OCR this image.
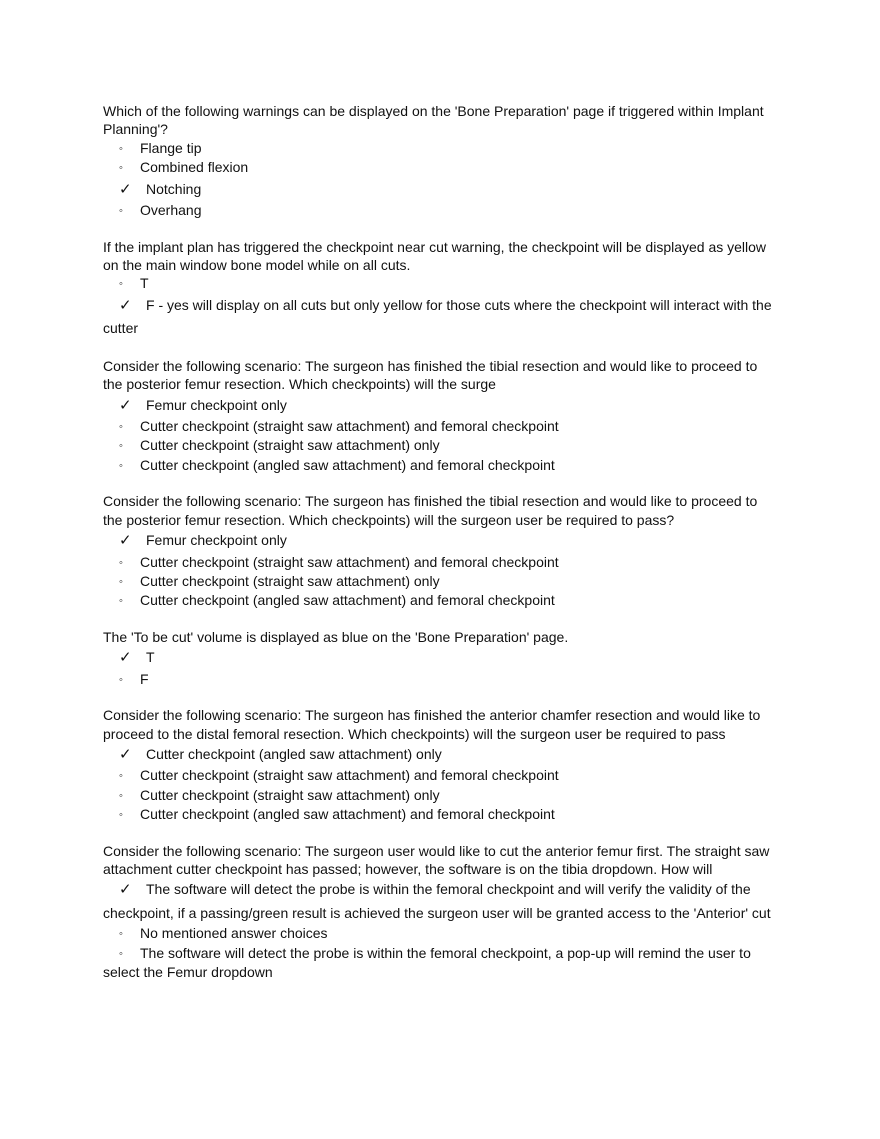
Which of the following warnings can be displayed on the 'Bone Preparation' page if triggered within Implant Planning'?
◦ Flange tip
◦ Combined flexion
✓ Notching
◦ Overhang
If the implant plan has triggered the checkpoint near cut warning, the checkpoint will be displayed as yellow on the main window bone model while on all cuts.
◦ T
✓ F - yes will display on all cuts but only yellow for those cuts where the checkpoint will interact with the cutter
Consider the following scenario: The surgeon has finished the tibial resection and would like to proceed to the posterior femur resection. Which checkpoints) will the surge
✓ Femur checkpoint only
◦ Cutter checkpoint (straight saw attachment) and femoral checkpoint
◦ Cutter checkpoint (straight saw attachment) only
◦ Cutter checkpoint (angled saw attachment) and femoral checkpoint
Consider the following scenario: The surgeon has finished the tibial resection and would like to proceed to the posterior femur resection. Which checkpoints) will the surgeon user be required to pass?
✓ Femur checkpoint only
◦ Cutter checkpoint (straight saw attachment) and femoral checkpoint
◦ Cutter checkpoint (straight saw attachment) only
◦ Cutter checkpoint (angled saw attachment) and femoral checkpoint
The 'To be cut' volume is displayed as blue on the 'Bone Preparation' page.
✓ T
◦ F
Consider the following scenario: The surgeon has finished the anterior chamfer resection and would like to proceed to the distal femoral resection. Which checkpoints) will the surgeon user be required to pass
✓ Cutter checkpoint (angled saw attachment) only
◦ Cutter checkpoint (straight saw attachment) and femoral checkpoint
◦ Cutter checkpoint (straight saw attachment) only
◦ Cutter checkpoint (angled saw attachment) and femoral checkpoint
Consider the following scenario: The surgeon user would like to cut the anterior femur first. The straight saw attachment cutter checkpoint has passed; however, the software is on the tibia dropdown. How will
✓ The software will detect the probe is within the femoral checkpoint and will verify the validity of the checkpoint, if a passing/green result is achieved the surgeon user will be granted access to the 'Anterior' cut
◦ No mentioned answer choices
◦ The software will detect the probe is within the femoral checkpoint, a pop-up will remind the user to select the Femur dropdown
